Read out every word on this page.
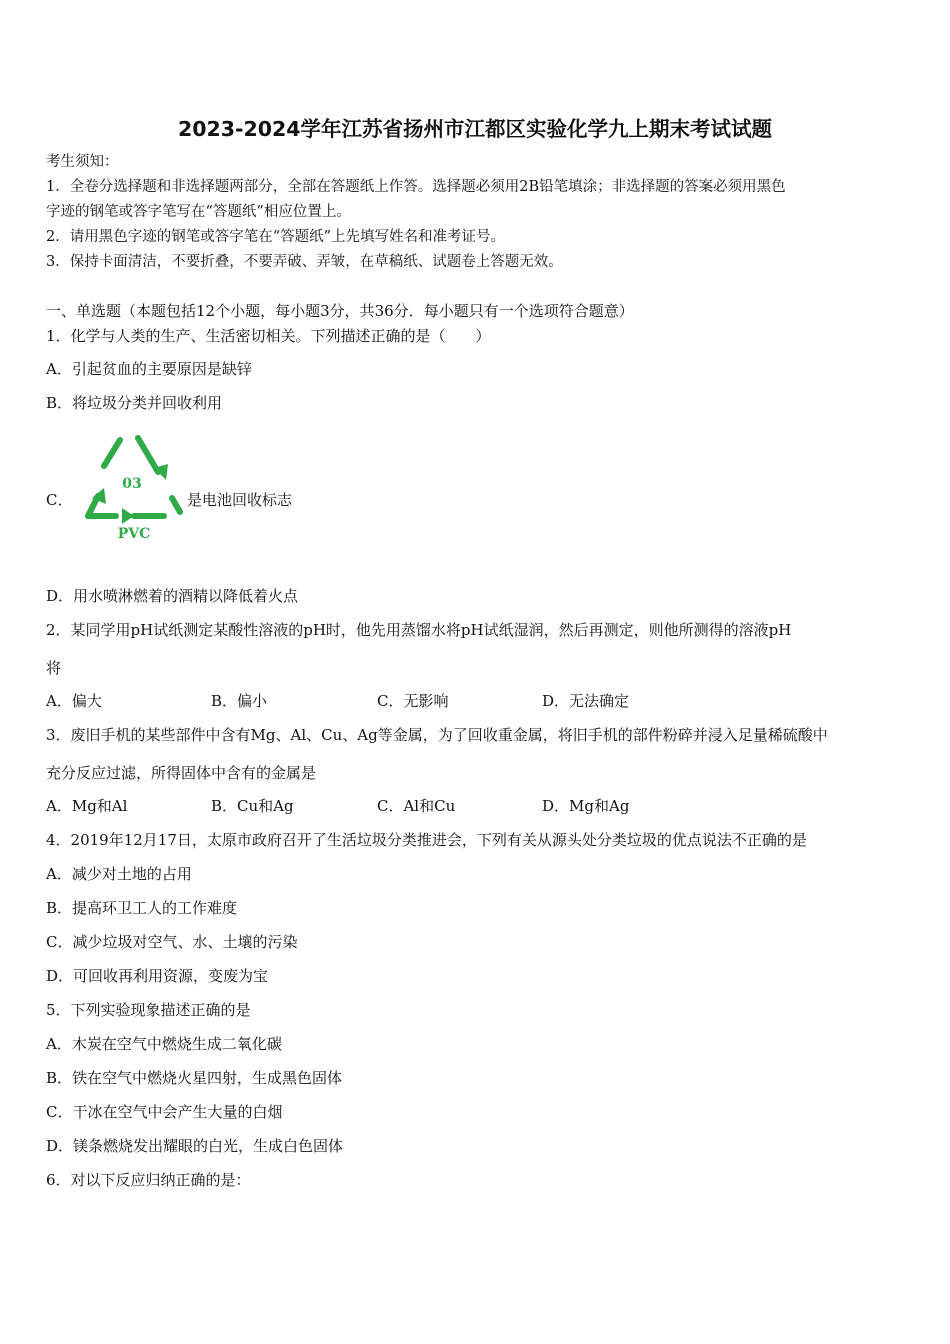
2023-2024学年江苏省扬州市江都区实验化学九上期末考试试题
考生须知：
1．全卷分选择题和非选择题两部分，全部在答题纸上作答。选择题必须用2B铅笔填涂；非选择题的答案必须用黑色
字迹的钢笔或答字笔写在“答题纸”相应位置上。
2．请用黑色字迹的钢笔或答字笔在“答题纸”上先填写姓名和准考证号。
3．保持卡面清洁，不要折叠，不要弄破、弄皱，在草稿纸、试题卷上答题无效。
一、单选题（本题包括12个小题，每小题3分，共36分．每小题只有一个选项符合题意）
1．化学与人类的生产、生活密切相关。下列描述正确的是（　　）
A．引起贫血的主要原因是缺锌
B．将垃圾分类并回收利用
C．
03
PVC
是电池回收标志
D．用水喷淋燃着的酒精以降低着火点
2．某同学用pH试纸测定某酸性溶液的pH时，他先用蒸馏水将pH试纸湿润，然后再测定，则他所测得的溶液pH
将
A．偏大	B．偏小	C．无影响	D．无法确定
3．废旧手机的某些部件中含有Mg、Al、Cu、Ag等金属，为了回收重金属，将旧手机的部件粉碎并浸入足量稀硫酸中
充分反应过滤，所得固体中含有的金属是
A．Mg和Al	B．Cu和Ag	C．Al和Cu	D．Mg和Ag
4．2019年12月17日，太原市政府召开了生活垃圾分类推进会，下列有关从源头处分类垃圾的优点说法不正确的是
A．减少对土地的占用
B．提高环卫工人的工作难度
C．减少垃圾对空气、水、土壤的污染
D．可回收再利用资源，变废为宝
5．下列实验现象描述正确的是
A．木炭在空气中燃烧生成二氧化碳
B．铁在空气中燃烧火星四射，生成黑色固体
C．干冰在空气中会产生大量的白烟
D．镁条燃烧发出耀眼的白光，生成白色固体
6．对以下反应归纳正确的是：
